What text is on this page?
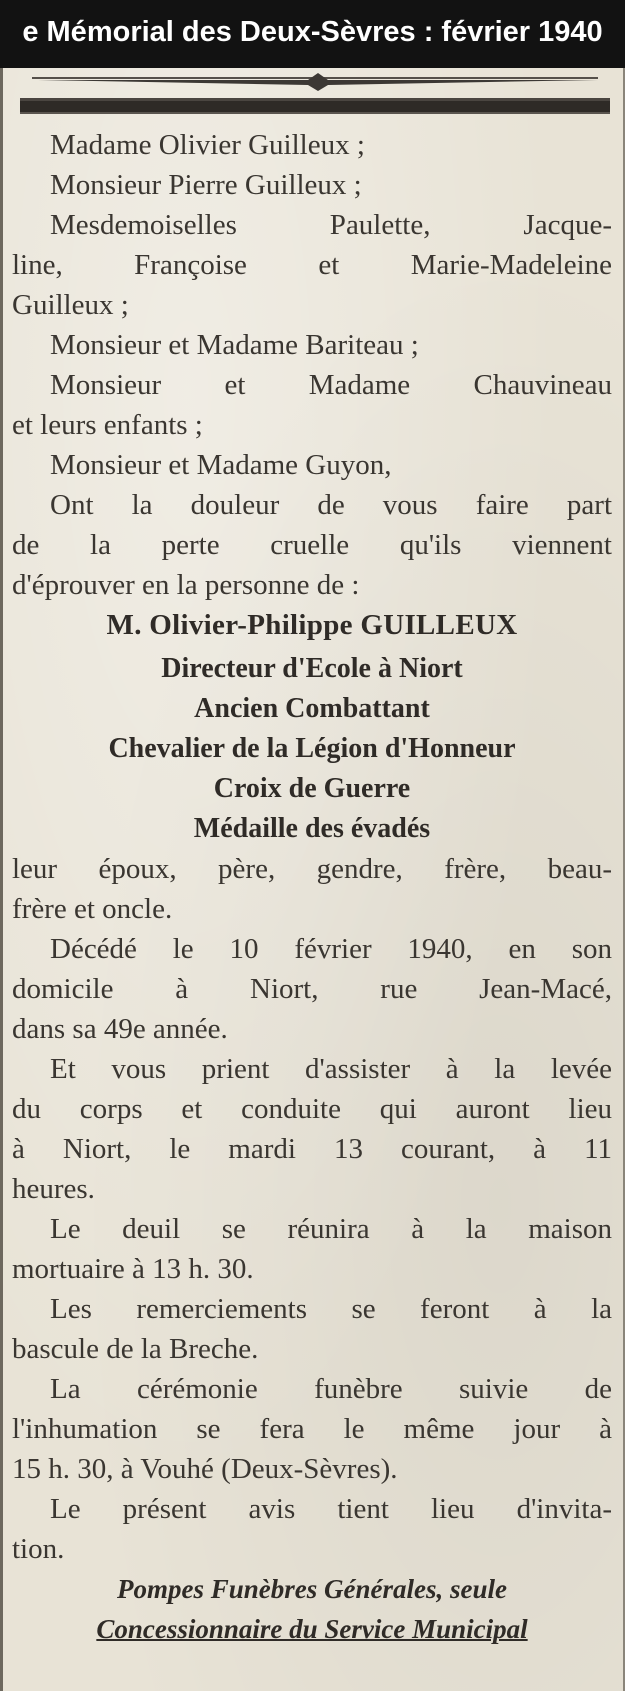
e Mémorial des Deux-Sèvres : février 1940
Madame Olivier Guilleux ;
Monsieur Pierre Guilleux ;
Mesdemoiselles Paulette, Jacque-
line, Françoise et Marie-Madeleine
Guilleux ;
Monsieur et Madame Bariteau ;
Monsieur et Madame Chauvineau
et leurs enfants ;
Monsieur et Madame Guyon,
Ont la douleur de vous faire part
de la perte cruelle qu'ils viennent
d'éprouver en la personne de :
M. Olivier-Philippe GUILLEUX
Directeur d'Ecole à Niort
Ancien Combattant
Chevalier de la Légion d'Honneur
Croix de Guerre
Médaille des évadés
leur époux, père, gendre, frère, beau-
frère et oncle.
Décédé le 10 février 1940, en son
domicile à Niort, rue Jean-Macé,
dans sa 49e année.
Et vous prient d'assister à la levée
du corps et conduite qui auront lieu
à Niort, le mardi 13 courant, à 11
heures.
Le deuil se réunira à la maison
mortuaire à 13 h. 30.
Les remerciements se feront à la
bascule de la Breche.
La cérémonie funèbre suivie de
l'inhumation se fera le même jour à
15 h. 30, à Vouhé (Deux-Sèvres).
Le présent avis tient lieu d'invita-
tion.
Pompes Funèbres Générales, seule
Concessionnaire du Service Municipal
